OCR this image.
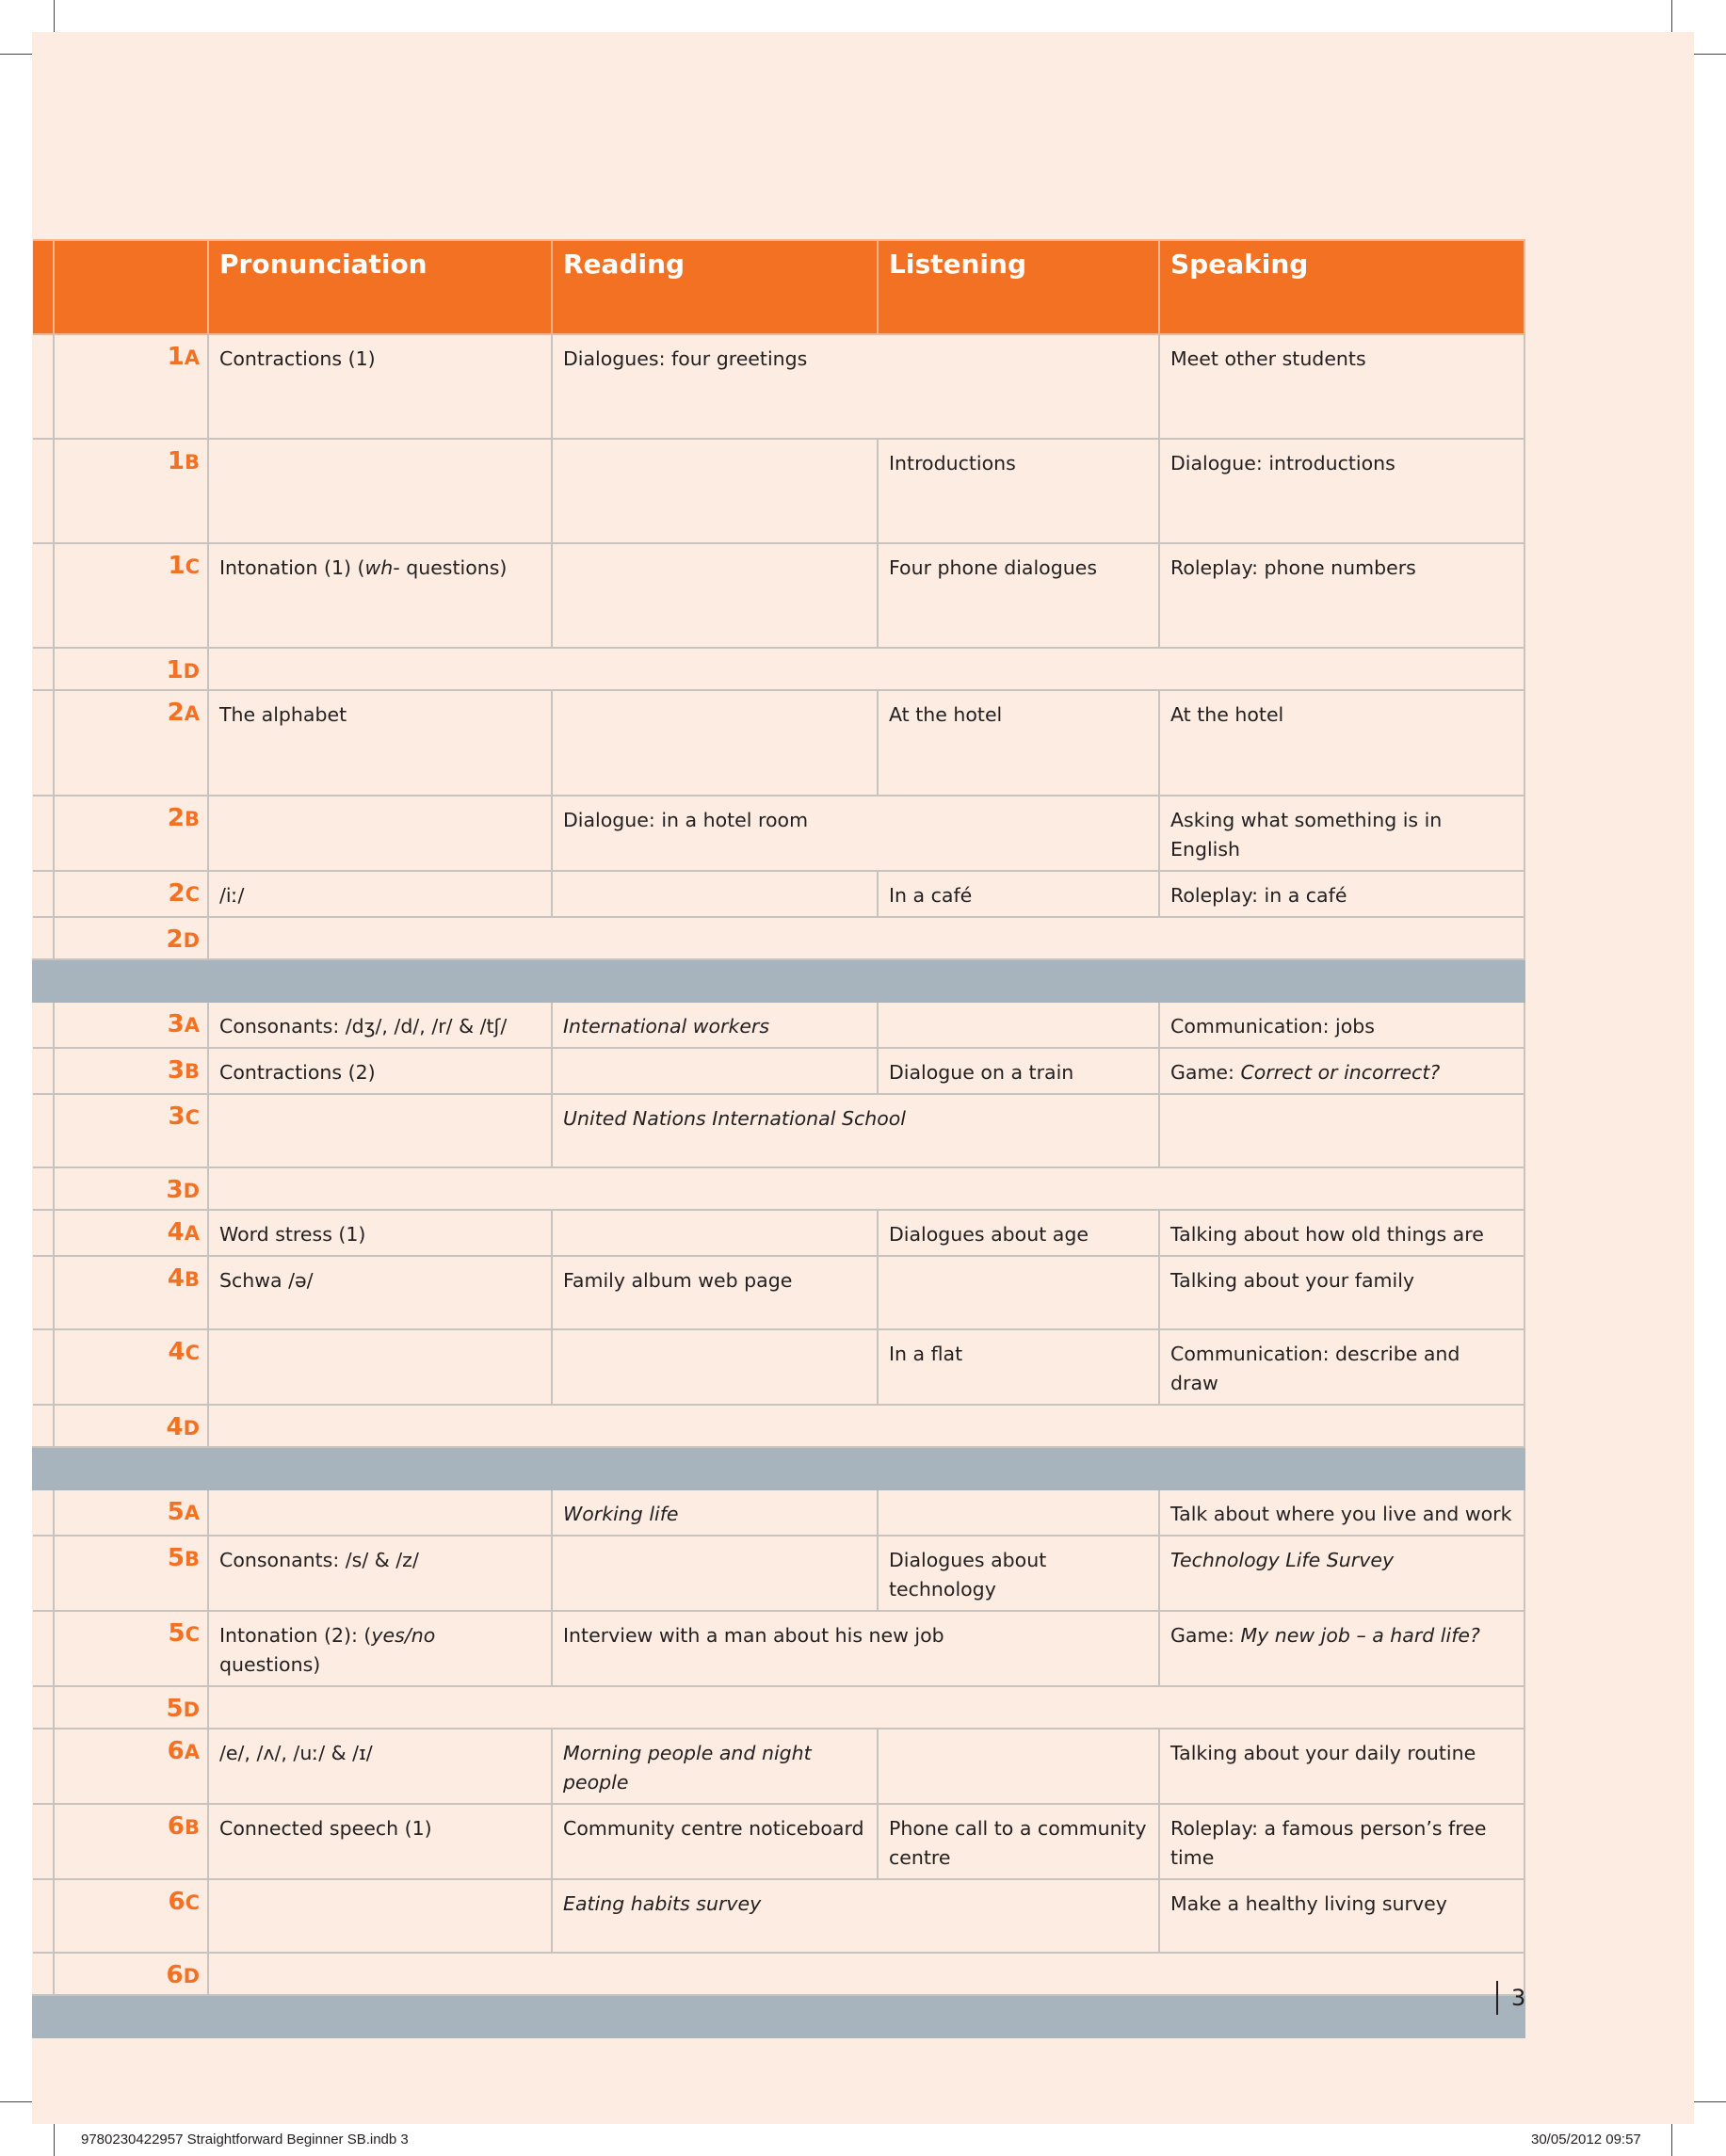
		Pronunciation	Reading	Listening	Speaking
	1A	Contractions (1)	Dialogues: four greetings		Meet other students
	1B			Introductions	Dialogue: introductions
	1C	Intonation (1) (wh- questions)		Four phone dialogues	Roleplay: phone numbers
	1D				
	2A	The alphabet		At the hotel	At the hotel
	2B		Dialogue: in a hotel room		Asking what something is in English
	2C	/iː/		In a café	Roleplay: in a café
	2D				

	3A	Consonants: /dʒ/, /d/, /r/ & /tʃ/	International workers		Communication: jobs
	3B	Contractions (2)		Dialogue on a train	Game: Correct or incorrect?
	3C		United Nations International School		
	3D				
	4A	Word stress (1)		Dialogues about age	Talking about how old things are
	4B	Schwa /ə/	Family album web page		Talking about your family
	4C			In a flat	Communication: describe and draw
	4D				

	5A		Working life		Talk about where you live and work
	5B	Consonants: /s/ & /z/		Dialogues about technology	Technology Life Survey
	5C	Intonation (2): (yes/no questions)	Interview with a man about his new job		Game: My new job – a hard life?
	5D				
	6A	/e/, /ʌ/, /uː/ & /ɪ/	Morning people and night people		Talking about your daily routine
	6B	Connected speech (1)	Community centre noticeboard	Phone call to a community centre	Roleplay: a famous person’s free time
	6C		Eating habits survey		Make a healthy living survey
	6D				

3
9780230422957 Straightforward Beginner SB.indb 3	30/05/2012 09:57
